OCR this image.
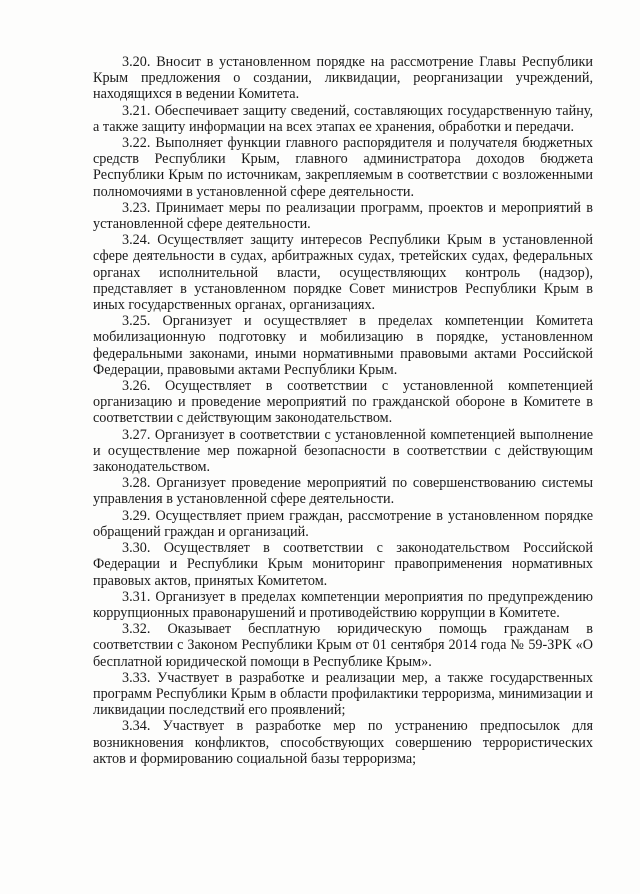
3.20. Вносит в установленном порядке на рассмотрение Главы Республики Крым предложения о создании, ликвидации, реорганизации учреждений, находящихся в ведении Комитета.

3.21. Обеспечивает защиту сведений, составляющих государственную тайну, а также защиту информации на всех этапах ее хранения, обработки и передачи.

3.22. Выполняет функции главного распорядителя и получателя бюджетных средств Республики Крым, главного администратора доходов бюджета Республики Крым по источникам, закрепляемым в соответствии с возложенными полномочиями в установленной сфере деятельности.

3.23. Принимает меры по реализации программ, проектов и мероприятий в установленной сфере деятельности.

3.24. Осуществляет защиту интересов Республики Крым в установленной сфере деятельности в судах, арбитражных судах, третейских судах, федеральных органах исполнительной власти, осуществляющих контроль (надзор), представляет в установленном порядке Совет министров Республики Крым в иных государственных органах, организациях.

3.25. Организует и осуществляет в пределах компетенции Комитета мобилизационную подготовку и мобилизацию в порядке, установленном федеральными законами, иными нормативными правовыми актами Российской Федерации, правовыми актами Республики Крым.

3.26. Осуществляет в соответствии с установленной компетенцией организацию и проведение мероприятий по гражданской обороне в Комитете в соответствии с действующим законодательством.

3.27. Организует в соответствии с установленной компетенцией выполнение и осуществление мер пожарной безопасности в соответствии с действующим законодательством.

3.28. Организует проведение мероприятий по совершенствованию системы управления в установленной сфере деятельности.

3.29. Осуществляет прием граждан, рассмотрение в установленном порядке обращений граждан и организаций.

3.30. Осуществляет в соответствии с законодательством Российской Федерации и Республики Крым мониторинг правоприменения нормативных правовых актов, принятых Комитетом.

3.31. Организует в пределах компетенции мероприятия по предупреждению коррупционных правонарушений и противодействию коррупции в Комитете.

3.32. Оказывает бесплатную юридическую помощь гражданам в соответствии с Законом Республики Крым от 01 сентября 2014 года № 59-ЗРК «О бесплатной юридической помощи в Республике Крым».

3.33. Участвует в разработке и реализации мер, а также государственных программ Республики Крым в области профилактики терроризма, минимизации и ликвидации последствий его проявлений;

3.34. Участвует в разработке мер по устранению предпосылок для возникновения конфликтов, способствующих совершению террористических актов и формированию социальной базы терроризма;
